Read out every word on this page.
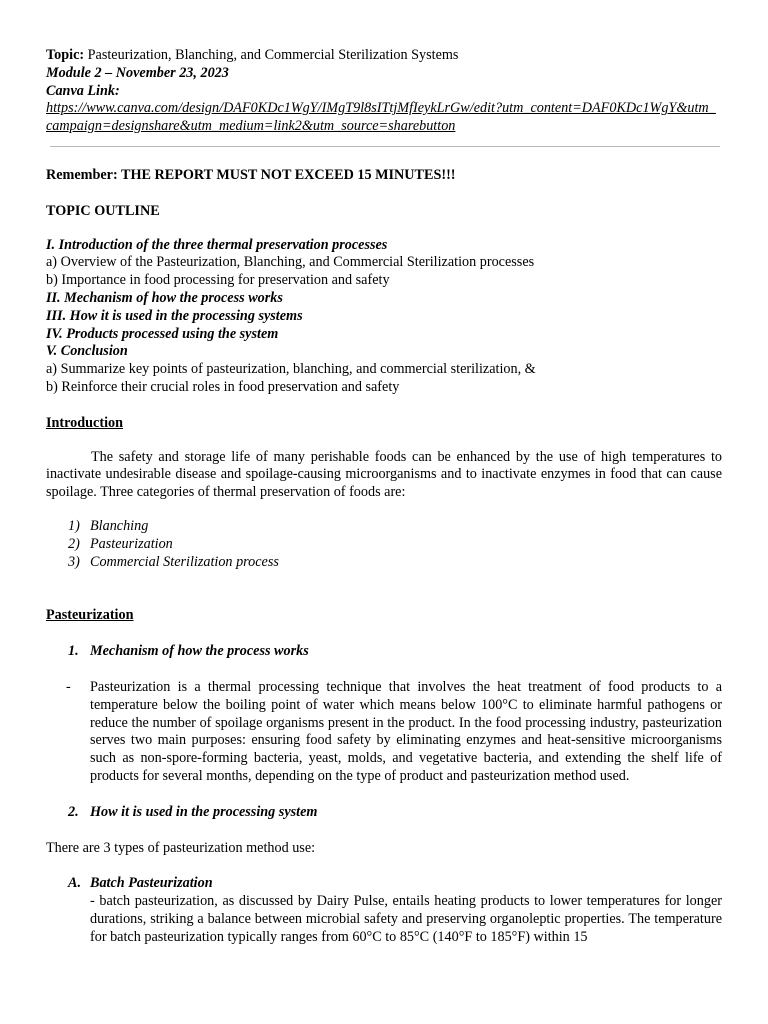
Topic: Pasteurization, Blanching, and Commercial Sterilization Systems

Module 2 – November 23, 2023

Canva Link:

https://www.canva.com/design/DAF0KDc1WgY/IMgT9l8sITtjMfIeykLrGw/edit?utm_content=DAF0KDc1WgY&utm_campaign=designshare&utm_medium=link2&utm_source=sharebutton

Remember: THE REPORT MUST NOT EXCEED 15 MINUTES!!!

TOPIC OUTLINE

I. Introduction of the three thermal preservation processes

a) Overview of the Pasteurization, Blanching, and Commercial Sterilization processes

b) Importance in food processing for preservation and safety

II. Mechanism of how the process works

III. How it is used in the processing systems

IV. Products processed using the system

V. Conclusion

a) Summarize key points of pasteurization, blanching, and commercial sterilization, &

b) Reinforce their crucial roles in food preservation and safety

Introduction

The safety and storage life of many perishable foods can be enhanced by the use of high temperatures to inactivate undesirable disease and spoilage-causing microorganisms and to inactivate enzymes in food that can cause spoilage. Three categories of thermal preservation of foods are:

1) Blanching
2) Pasteurization
3) Commercial Sterilization process

Pasteurization

1. Mechanism of how the process works

- Pasteurization is a thermal processing technique that involves the heat treatment of food products to a temperature below the boiling point of water which means below 100°C to eliminate harmful pathogens or reduce the number of spoilage organisms present in the product. In the food processing industry, pasteurization serves two main purposes: ensuring food safety by eliminating enzymes and heat-sensitive microorganisms such as non-spore-forming bacteria, yeast, molds, and vegetative bacteria, and extending the shelf life of products for several months, depending on the type of product and pasteurization method used.

2. How it is used in the processing system

There are 3 types of pasteurization method use:

A. Batch Pasteurization

- batch pasteurization, as discussed by Dairy Pulse, entails heating products to lower temperatures for longer durations, striking a balance between microbial safety and preserving organoleptic properties. The temperature for batch pasteurization typically ranges from 60°C to 85°C (140°F to 185°F) within 15
